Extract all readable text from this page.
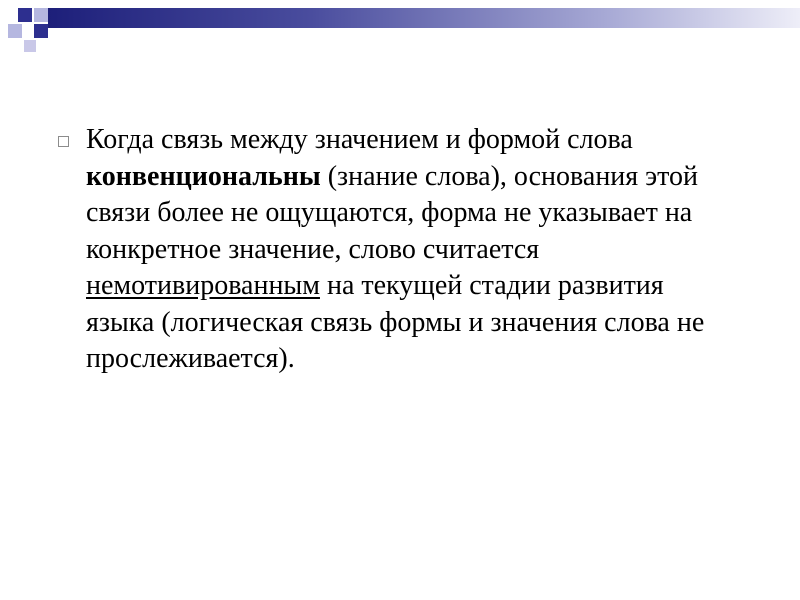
Когда связь между значением и формой слова конвенциональны (знание слова), основания этой связи более не ощущаются, форма не указывает на конкретное значение, слово считается немотивированным на текущей стадии развития языка (логическая связь формы и значения слова не прослеживается).
